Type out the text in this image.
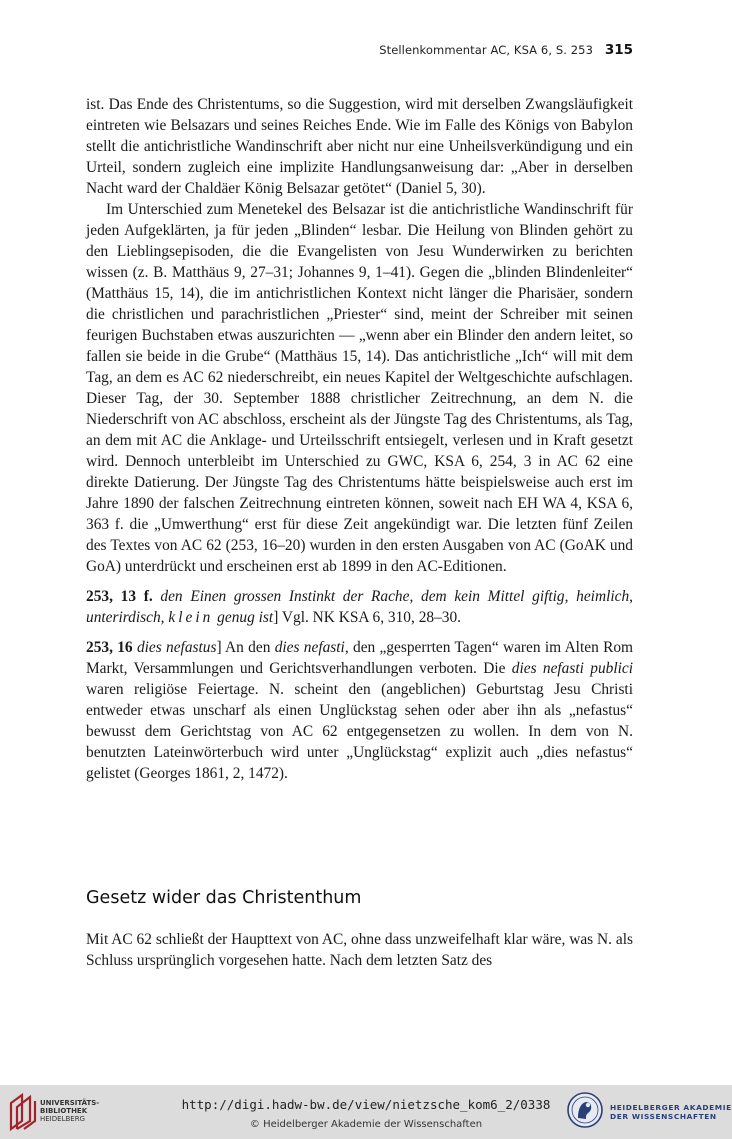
Stellenkommentar AC, KSA 6, S. 253 315

ist. Das Ende des Christentums, so die Suggestion, wird mit derselben Zwangsläufigkeit eintreten wie Belsazars und seines Reiches Ende. Wie im Falle des Königs von Babylon stellt die antichristliche Wandinschrift aber nicht nur eine Unheilsverkündigung und ein Urteil, sondern zugleich eine implizite Handlungsanweisung dar: „Aber in derselben Nacht ward der Chaldäer König Belsazar getötet“ (Daniel 5, 30).

Im Unterschied zum Menetekel des Belsazar ist die antichristliche Wandinschrift für jeden Aufgeklärten, ja für jeden „Blinden“ lesbar. Die Heilung von Blinden gehört zu den Lieblingsepisoden, die die Evangelisten von Jesu Wunderwirken zu berichten wissen (z. B. Matthäus 9, 27–31; Johannes 9, 1–41). Gegen die „blinden Blindenleiter“ (Matthäus 15, 14), die im antichristlichen Kontext nicht länger die Pharisäer, sondern die christlichen und parachristlichen „Priester“ sind, meint der Schreiber mit seinen feurigen Buchstaben etwas auszurichten — „wenn aber ein Blinder den andern leitet, so fallen sie beide in die Grube“ (Matthäus 15, 14). Das antichristliche „Ich“ will mit dem Tag, an dem es AC 62 niederschreibt, ein neues Kapitel der Weltgeschichte aufschlagen. Dieser Tag, der 30. September 1888 christlicher Zeitrechnung, an dem N. die Niederschrift von AC abschloss, erscheint als der Jüngste Tag des Christentums, als Tag, an dem mit AC die Anklage- und Urteilsschrift entsiegelt, verlesen und in Kraft gesetzt wird. Dennoch unterbleibt im Unterschied zu GWC, KSA 6, 254, 3 in AC 62 eine direkte Datierung. Der Jüngste Tag des Christentums hätte beispielsweise auch erst im Jahre 1890 der falschen Zeitrechnung eintreten können, soweit nach EH WA 4, KSA 6, 363 f. die „Umwerthung“ erst für diese Zeit angekündigt war. Die letzten fünf Zeilen des Textes von AC 62 (253, 16–20) wurden in den ersten Ausgaben von AC (GoAK und GoA) unterdrückt und erscheinen erst ab 1899 in den AC-Editionen.

253, 13 f. den Einen grossen Instinkt der Rache, dem kein Mittel giftig, heimlich, unterirdisch, klein genug ist] Vgl. NK KSA 6, 310, 28–30.

253, 16 dies nefastus] An den dies nefasti, den „gesperrten Tagen“ waren im Alten Rom Markt, Versammlungen und Gerichtsverhandlungen verboten. Die dies nefasti publici waren religiöse Feiertage. N. scheint den (angeblichen) Geburtstag Jesu Christi entweder etwas unscharf als einen Unglückstag sehen oder aber ihn als „nefastus“ bewusst dem Gerichtstag von AC 62 entgegensetzen zu wollen. In dem von N. benutzten Lateinwörterbuch wird unter „Unglückstag“ explizit auch „dies nefastus“ gelistet (Georges 1861, 2, 1472).

Gesetz wider das Christenthum

Mit AC 62 schließt der Haupttext von AC, ohne dass unzweifelhaft klar wäre, was N. als Schluss ursprünglich vorgesehen hatte. Nach dem letzten Satz des

UNIVERSITÄTS-
BIBLIOTHEK
HEIDELBERG
http://digi.hadw-bw.de/view/nietzsche_kom6_2/0338
© Heidelberger Akademie der Wissenschaften
HEIDELBERGER AKADEMIE
DER WISSENSCHAFTEN
